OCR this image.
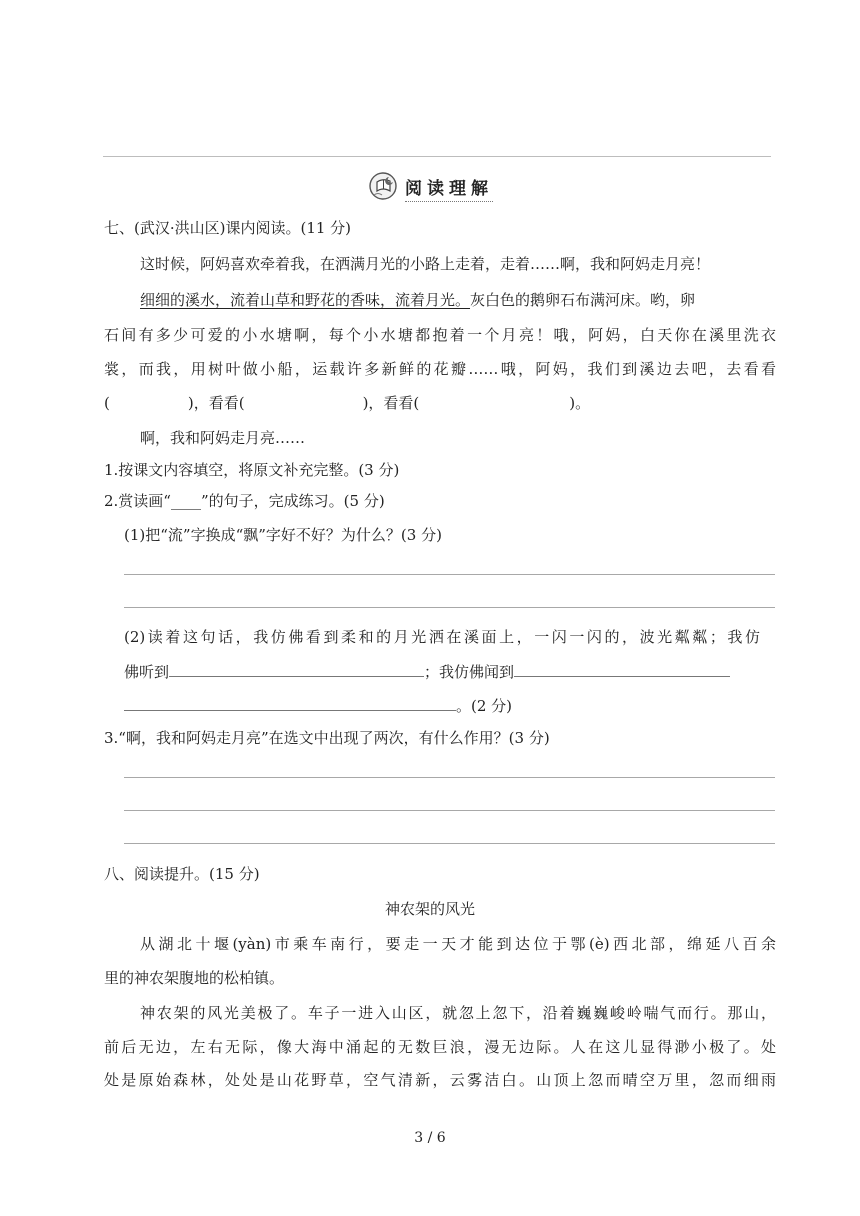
阅读理解
七、(武汉·洪山区)课内阅读。(11 分)
这时候，阿妈喜欢牵着我，在洒满月光的小路上走着，走着……啊，我和阿妈走月亮！
细细的溪水，流着山草和野花的香味，流着月光。灰白色的鹅卵石布满河床。哟，卵
石间有多少可爱的小水塘啊，每个小水塘都抱着一个月亮！哦，阿妈，白天你在溪里洗衣
裳，而我，用树叶做小船，运载许多新鲜的花瓣……哦，阿妈，我们到溪边去吧，去看看
(	)，看看(	)，看看(	)。
啊，我和阿妈走月亮……
1.按课文内容填空，将原文补充完整。(3 分)
2.赏读画“____”的句子，完成练习。(5 分)
(1)把“流”字换成“飘”字好不好？为什么？(3 分)
(2)读着这句话，我仿佛看到柔和的月光洒在溪面上，一闪一闪的，波光粼粼；我仿
佛听到	；我仿佛闻到
。(2 分)
3.“啊，我和阿妈走月亮”在选文中出现了两次，有什么作用？(3 分)
八、阅读提升。(15 分)
神农架的风光
从湖北十堰(yàn)市乘车南行，要走一天才能到达位于鄂(è)西北部，绵延八百余
里的神农架腹地的松柏镇。
神农架的风光美极了。车子一进入山区，就忽上忽下，沿着巍巍峻岭喘气而行。那山，
前后无边，左右无际，像大海中涌起的无数巨浪，漫无边际。人在这儿显得渺小极了。处
处是原始森林，处处是山花野草，空气清新，云雾洁白。山顶上忽而晴空万里，忽而细雨
3 / 6
